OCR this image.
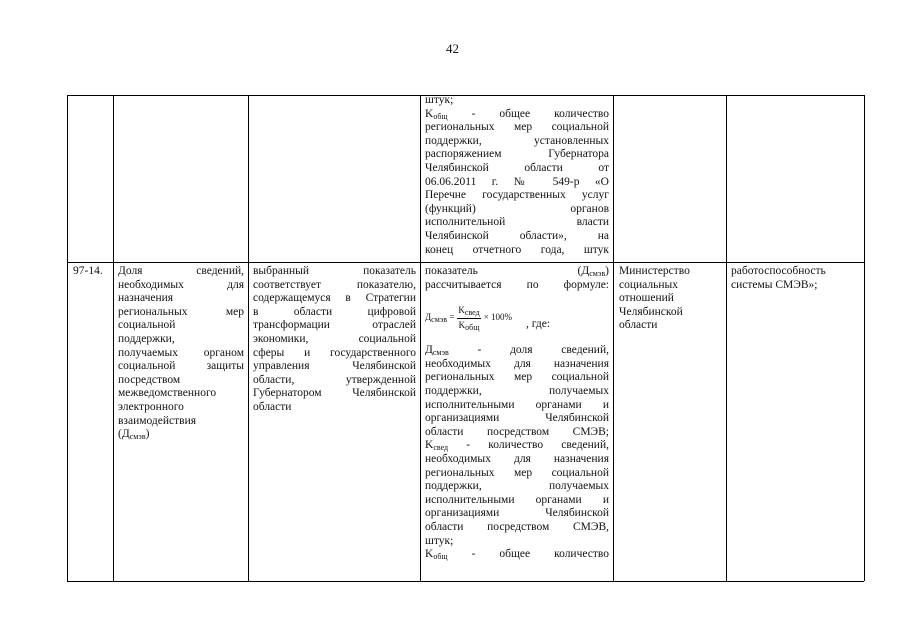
42

штук;

$K_{общ}$ - общее количество

региональных мер социальной

поддержки, установленных

распоряжением Губернатора

Челябинской области от

06.06.2011 г. № 549-р «О

Перечне государственных услуг

(функций) органов

исполнительной власти

Челябинской области», на

конец отчетного года, штук

97-14.	Доля сведений,

необходимых для

назначения

региональных мер

социальной

поддержки,

получаемых органом

социальной защиты

посредством

межведомственного

электронного

взаимодействия

$(Д_{смэв})$

выбранный показатель

соответствует показателю,

содержащемуся в Стратегии

в области цифровой

трансформации отраслей

экономики, социальной

сферы и государственного

управления Челябинской

области, утвержденной

Губернатором Челябинской

области

показатель $(Д_{смэв})$

рассчитывается по формуле:

$Д_{смэв} = \frac{K_{свед}}{K_{общ}} \times 100\%$
, где:

$Д_{смэв}$ - доля сведений,

необходимых для назначения

региональных мер социальной

поддержки, получаемых

исполнительными органами и

организациями Челябинской

области посредством СМЭВ;

$K_{свед}$ - количество сведений,

необходимых для назначения

региональных мер социальной

поддержки, получаемых

исполнительными органами и

организациями Челябинской

области посредством СМЭВ,

штук;

$K_{общ}$ - общее количество

Министерство

социальных

отношений

Челябинской

области

работоспособность

системы СМЭВ»;
